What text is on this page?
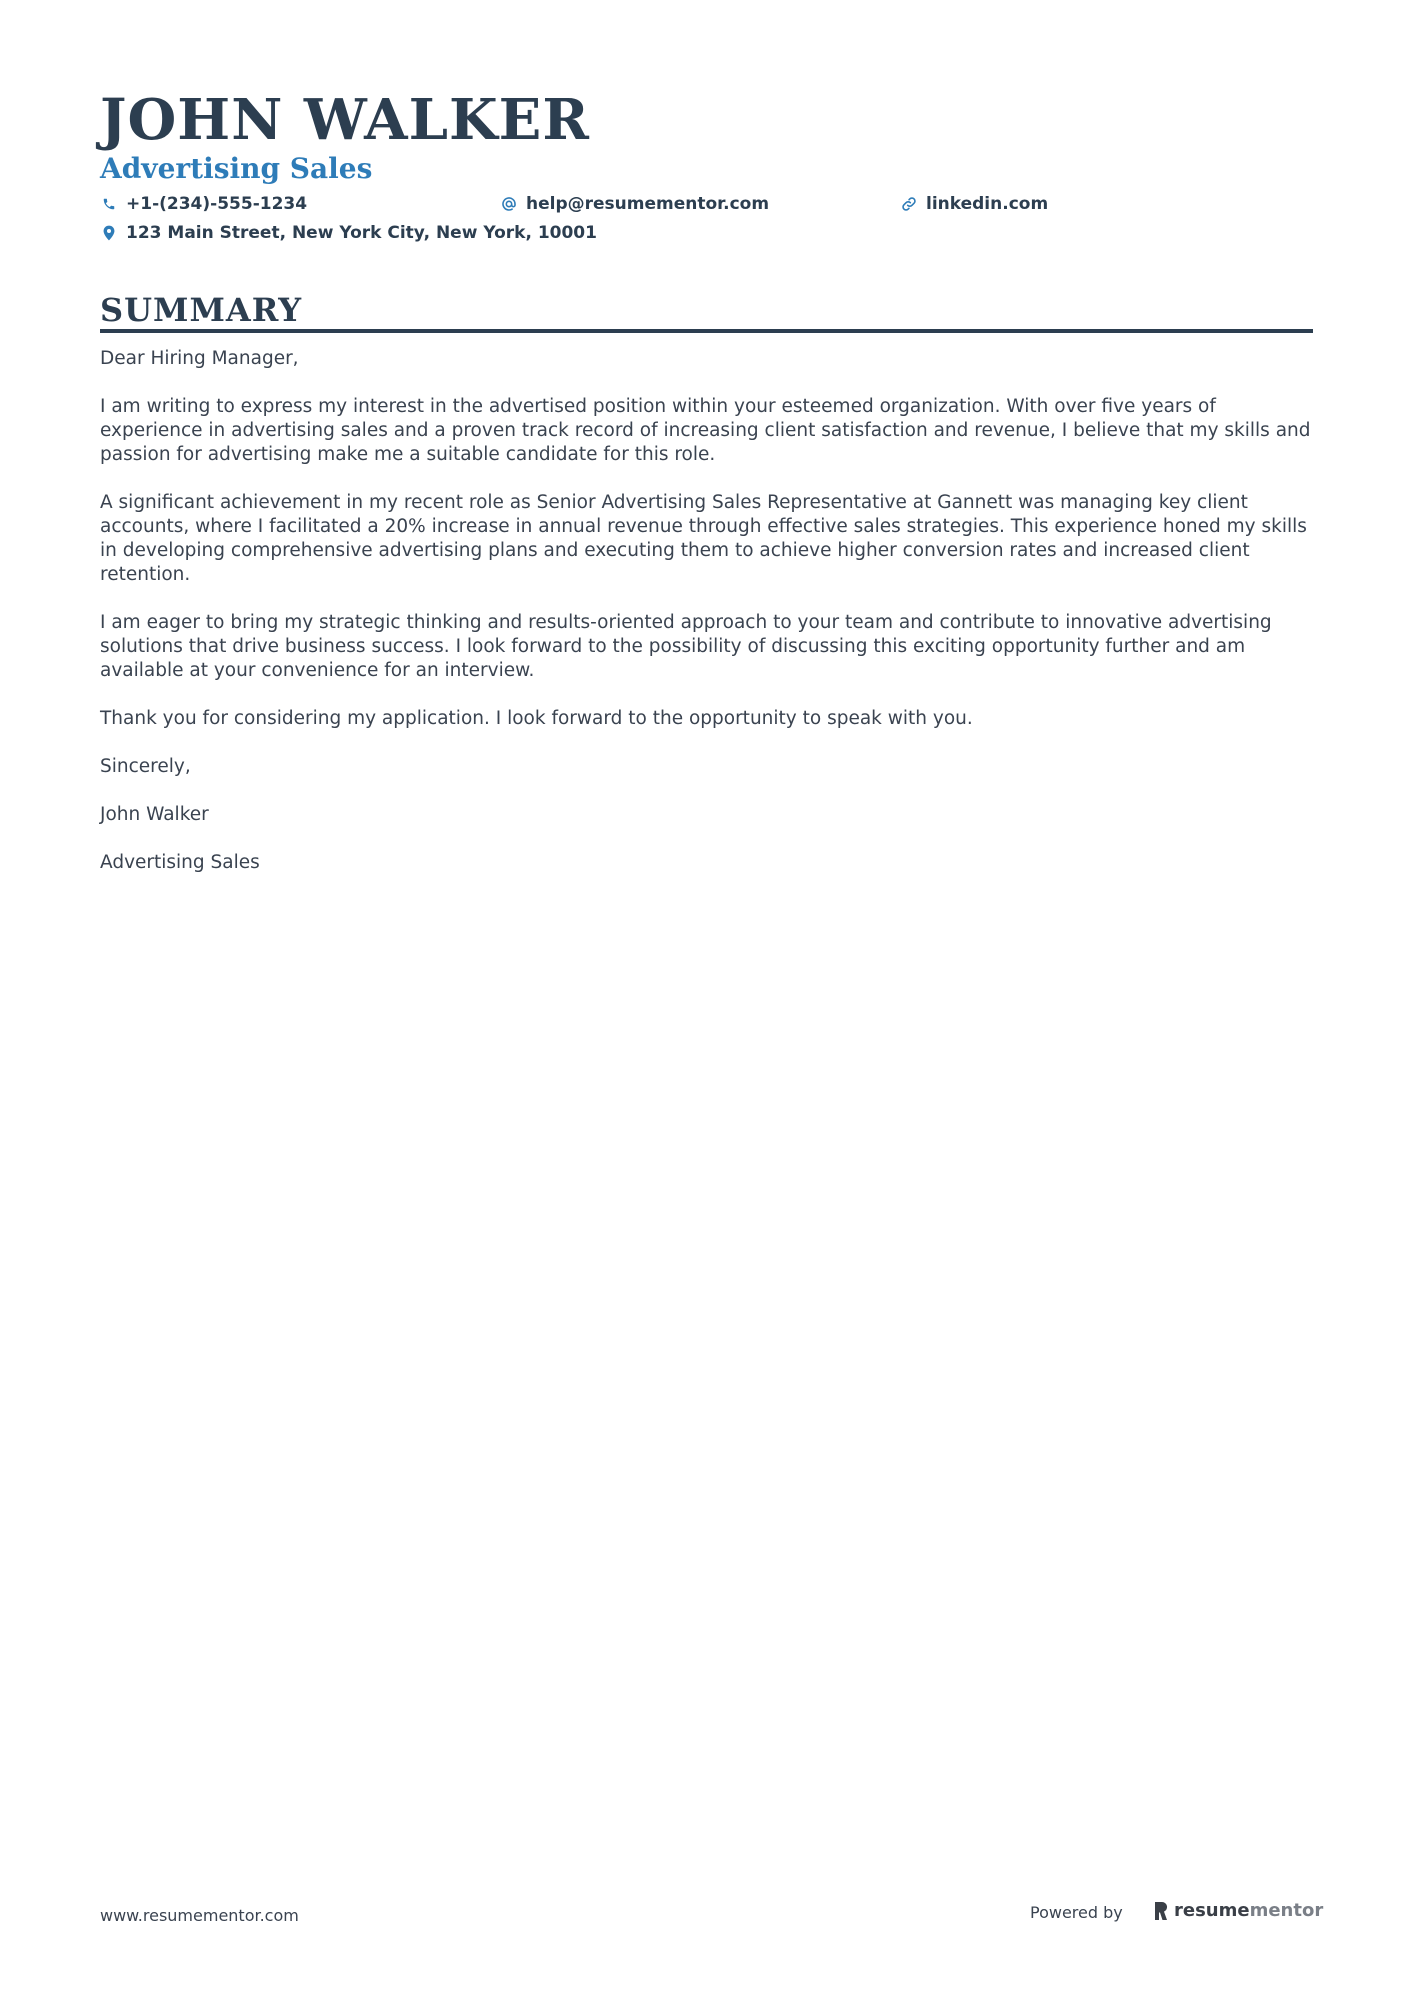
JOHN WALKER
Advertising Sales
+1-(234)-555-1234	help@resumementor.com	linkedin.com
123 Main Street, New York City, New York, 10001
SUMMARY

Dear Hiring Manager,

I am writing to express my interest in the advertised position within your esteemed organization. With over five years of experience in advertising sales and a proven track record of increasing client satisfaction and revenue, I believe that my skills and passion for advertising make me a suitable candidate for this role.

A significant achievement in my recent role as Senior Advertising Sales Representative at Gannett was managing key client accounts, where I facilitated a 20% increase in annual revenue through effective sales strategies. This experience honed my skills in developing comprehensive advertising plans and executing them to achieve higher conversion rates and increased client retention.

I am eager to bring my strategic thinking and results-oriented approach to your team and contribute to innovative advertising solutions that drive business success. I look forward to the possibility of discussing this exciting opportunity further and am available at your convenience for an interview.

Thank you for considering my application. I look forward to the opportunity to speak with you.

Sincerely,

John Walker

Advertising Sales

www.resumementor.com	Powered by	resume mentor
